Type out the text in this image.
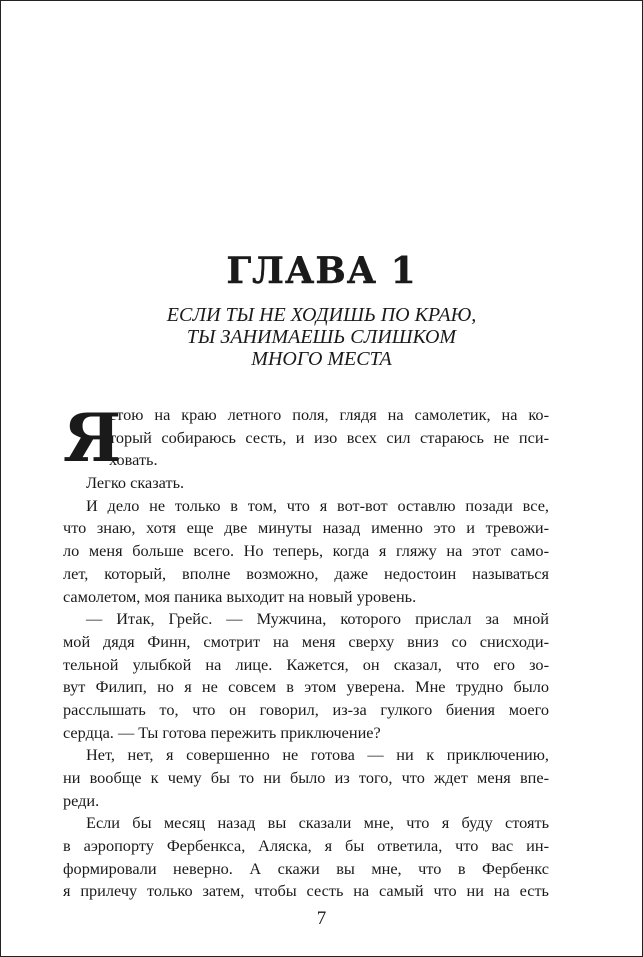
ГЛАВА 1
ЕСЛИ ТЫ НЕ ХОДИШЬ ПО КРАЮ,
ТЫ ЗАНИМАЕШЬ СЛИШКОМ
МНОГО МЕСТА
Я
стою на краю летного поля, глядя на самолетик, на ко-
торый собираюсь сесть, и изо всех сил стараюсь не пси-
ховать.
Легко сказать.
И дело не только в том, что я вот-вот оставлю позади все,
что знаю, хотя еще две минуты назад именно это и тревожи-
ло меня больше всего. Но теперь, когда я гляжу на этот само-
лет, который, вполне возможно, даже недостоин называться
самолетом, моя паника выходит на новый уровень.
— Итак, Грейс. — Мужчина, которого прислал за мной
мой дядя Финн, смотрит на меня сверху вниз со снисходи-
тельной улыбкой на лице. Кажется, он сказал, что его зо-
вут Филип, но я не совсем в этом уверена. Мне трудно было
расслышать то, что он говорил, из-за гулкого биения моего
сердца. — Ты готова пережить приключение?
Нет, нет, я совершенно не готова — ни к приключению,
ни вообще к чему бы то ни было из того, что ждет меня впе-
реди.
Если бы месяц назад вы сказали мне, что я буду стоять
в аэропорту Фербенкса, Аляска, я бы ответила, что вас ин-
формировали неверно. А скажи вы мне, что в Фербенкс
я прилечу только затем, чтобы сесть на самый что ни на есть
7
